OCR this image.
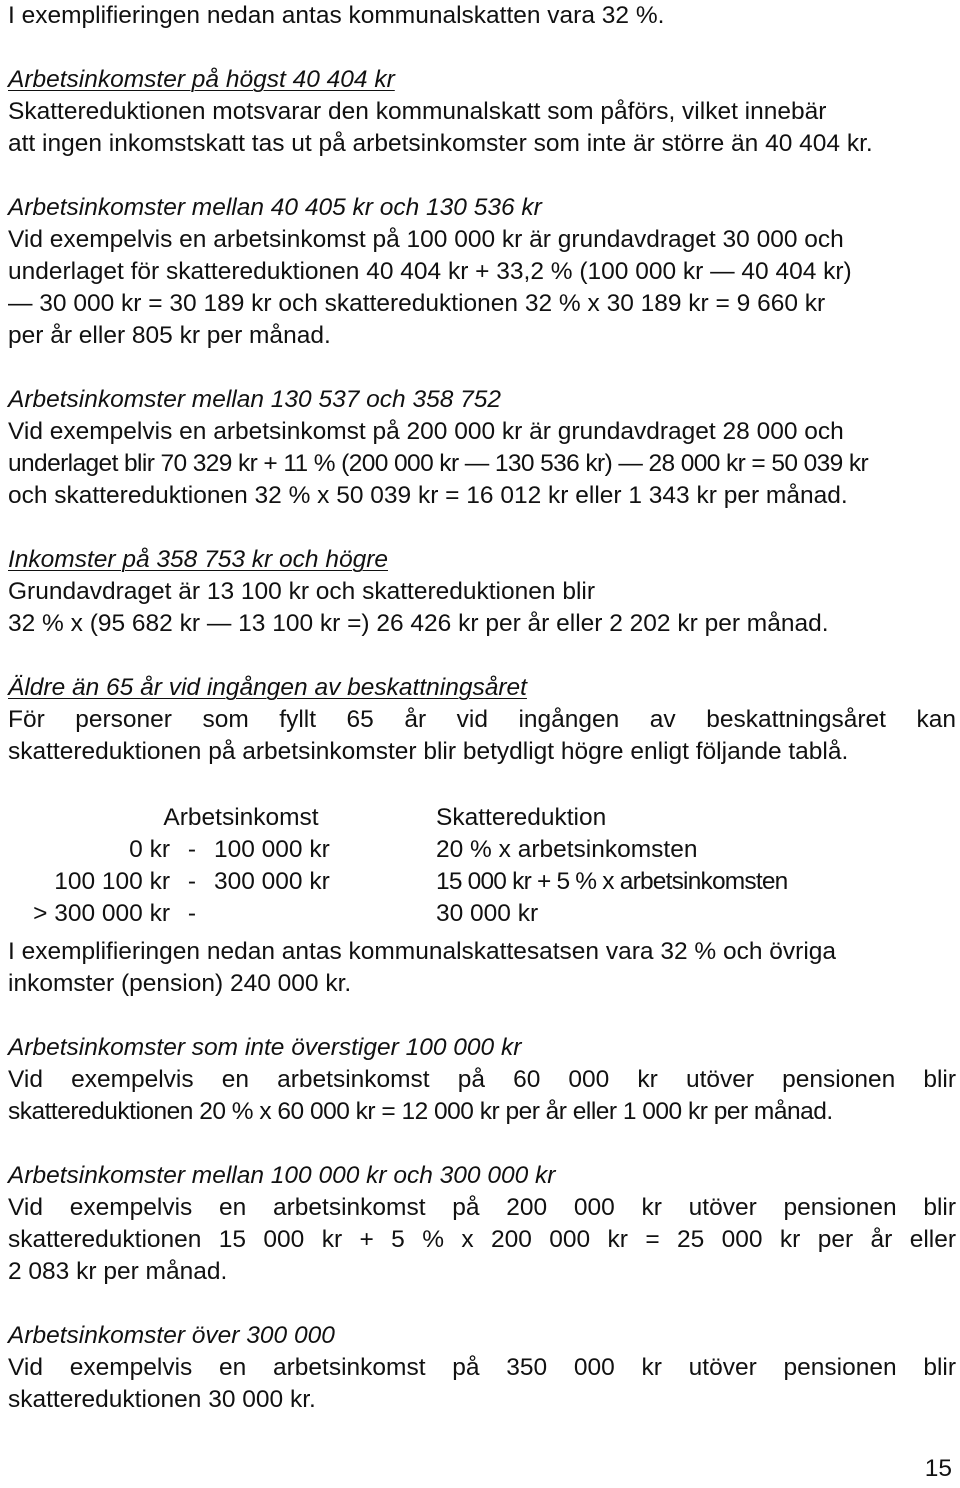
I exemplifieringen nedan antas kommunalskatten vara 32 %.

Arbetsinkomster på högst 40 404 kr

Skattereduktionen motsvarar den kommunalskatt som påförs, vilket innebär

att ingen inkomstskatt tas ut på arbetsinkomster som inte är större än 40 404 kr.

Arbetsinkomster mellan 40 405 kr och 130 536 kr

Vid exempelvis en arbetsinkomst på 100 000 kr är grundavdraget 30 000 och

underlaget för skattereduktionen 40 404 kr + 33,2 % (100 000 kr — 40 404 kr)

— 30 000 kr = 30 189 kr och skattereduktionen 32 % x 30 189 kr = 9 660 kr

per år eller 805 kr per månad.

Arbetsinkomster mellan 130 537 och 358 752

Vid exempelvis en arbetsinkomst på 200 000 kr är grundavdraget 28 000 och

underlaget blir 70 329 kr + 11 % (200 000 kr — 130 536 kr) — 28 000 kr = 50 039 kr

och skattereduktionen 32 % x 50 039 kr = 16 012 kr eller 1 343 kr per månad.

Inkomster på 358 753 kr och högre

Grundavdraget är 13 100 kr och skattereduktionen blir

32 % x (95 682 kr — 13 100 kr =) 26 426 kr per år eller 2 202 kr per månad.

Äldre än 65 år vid ingången av beskattningsåret

För personer som fyllt 65 år vid ingången av beskattningsåret kan

skattereduktionen på arbetsinkomster blir betydligt högre enligt följande tablå.

Arbetsinkomst			Skattereduktion
0 kr	-	100 000 kr	20 % x arbetsinkomsten
100 100 kr	-	300 000 kr	15 000 kr + 5 % x arbetsinkomsten
> 300 000 kr	-		30 000 kr

I exemplifieringen nedan antas kommunalskattesatsen vara 32 % och övriga

inkomster (pension) 240 000 kr.

Arbetsinkomster som inte överstiger 100 000 kr

Vid exempelvis en arbetsinkomst på 60 000 kr utöver pensionen blir

skattereduktionen 20 % x 60 000 kr = 12 000 kr per år eller 1 000 kr per månad.

Arbetsinkomster mellan 100 000 kr och 300 000 kr

Vid exempelvis en arbetsinkomst på 200 000 kr utöver pensionen blir

skattereduktionen 15 000 kr + 5 % x 200 000 kr = 25 000 kr per år eller

2 083 kr per månad.

Arbetsinkomster över 300 000

Vid exempelvis en arbetsinkomst på 350 000 kr utöver pensionen blir

skattereduktionen 30 000 kr.

15
